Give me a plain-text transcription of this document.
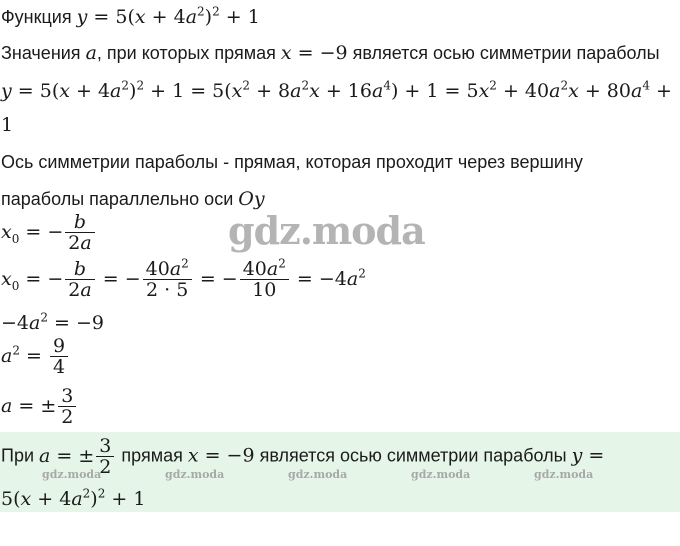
Функция $y = 5(x + 4a^2)^2 + 1$
Значения a, при которых прямая x = −9 является осью симметрии параболы
$y = 5(x + 4a^2)^2 + 1 = 5(x^2 + 8a^2x + 16a^4) + 1 = 5x^2 + 40a^2x + 80a^4$ +
1
Ось симметрии параболы - прямая, которая проходит через вершину
параболы параллельно оси Oy
$x_0$ = − $\frac{b}{2a}$
$x_0$ = − $\frac{b}{2a}$ = − $\frac{40a^2}{2 \cdot 5}$ = − $\frac{40a^2}{10} = -4a^2$
$-4a^2 = -9$
$a^2 = \frac{9}{4}$
a = ± $\frac{3}{2}$
При a = ± $\frac{3}{2}$ прямая x = −9 является осью симметрии параболы y =
$5(x + 4a^2)^2 + 1$
gdz.moda
gdz.moda	gdz.moda	gdz.moda	gdz.moda	gdz.moda
